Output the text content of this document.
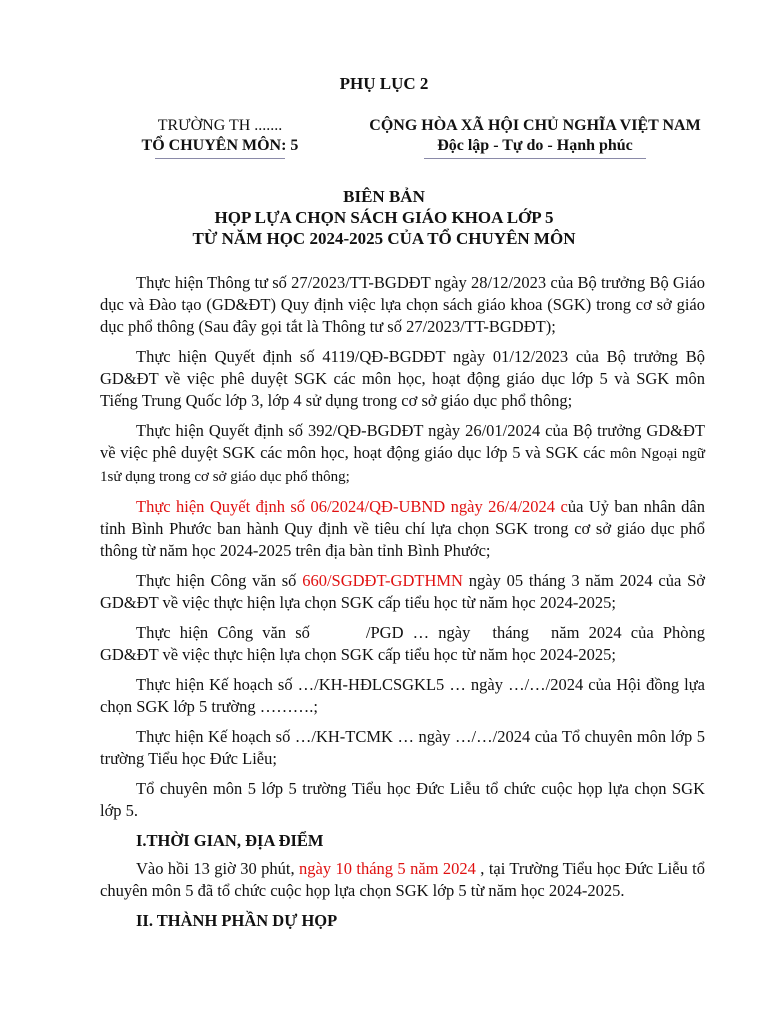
PHỤ LỤC 2
TRƯỜNG TH .......
TỔ CHUYÊN MÔN: 5
CỘNG HÒA XÃ HỘI CHỦ NGHĨA VIỆT NAM
Độc lập - Tự do - Hạnh phúc
BIÊN BẢN
HỌP LỰA CHỌN SÁCH GIÁO KHOA LỚP 5
TỪ NĂM HỌC 2024-2025 CỦA TỔ CHUYÊN MÔN

Thực hiện Thông tư số 27/2023/TT-BGDĐT ngày 28/12/2023 của Bộ trưởng Bộ Giáo dục và Đào tạo (GD&ĐT) Quy định việc lựa chọn sách giáo khoa (SGK) trong cơ sở giáo dục phổ thông (Sau đây gọi tắt là Thông tư số 27/2023/TT-BGDĐT);

Thực hiện Quyết định số 4119/QĐ-BGDĐT ngày 01/12/2023 của Bộ trưởng Bộ GD&ĐT về việc phê duyệt SGK các môn học, hoạt động giáo dục lớp 5 và SGK môn Tiếng Trung Quốc lớp 3, lớp 4 sử dụng trong cơ sở giáo dục phổ thông;

Thực hiện Quyết định số 392/QĐ-BGDĐT ngày 26/01/2024 của Bộ trưởng GD&ĐT về việc phê duyệt SGK các môn học, hoạt động giáo dục lớp 5 và SGK các môn Ngoại ngữ 1sử dụng trong cơ sở giáo dục phổ thông;

Thực hiện Quyết định số 06/2024/QĐ-UBND ngày 26/4/2024 của Uỷ ban nhân dân tỉnh Bình Phước ban hành Quy định về tiêu chí lựa chọn SGK trong cơ sở giáo dục phổ thông từ năm học 2024-2025 trên địa bàn tỉnh Bình Phước;

Thực hiện Công văn số 660/SGDĐT-GDTHMN ngày 05 tháng 3 năm 2024 của Sở GD&ĐT về việc thực hiện lựa chọn SGK cấp tiểu học từ năm học 2024-2025;

Thực hiện Công văn số	/PGD … ngày tháng năm 2024 của Phòng GD&ĐT về việc thực hiện lựa chọn SGK cấp tiểu học từ năm học 2024-2025;

Thực hiện Kế hoạch số …/KH-HĐLCSGKL5 … ngày …/…/2024 của Hội đồng lựa chọn SGK lớp 5 trường ……….;

Thực hiện Kế hoạch số …/KH-TCMK … ngày …/…/2024 của Tổ chuyên môn lớp 5 trường Tiểu học Đức Liễu;

Tổ chuyên môn 5 lớp 5 trường Tiểu học Đức Liễu tổ chức cuộc họp lựa chọn SGK lớp 5.

I.THỜI GIAN, ĐỊA ĐIỂM

Vào hồi 13 giờ 30 phút, ngày 10 tháng 5 năm 2024 , tại Trường Tiểu học Đức Liễu tổ chuyên môn 5 đã tổ chức cuộc họp lựa chọn SGK lớp 5 từ năm học 2024-2025.

II. THÀNH PHẦN DỰ HỌP
